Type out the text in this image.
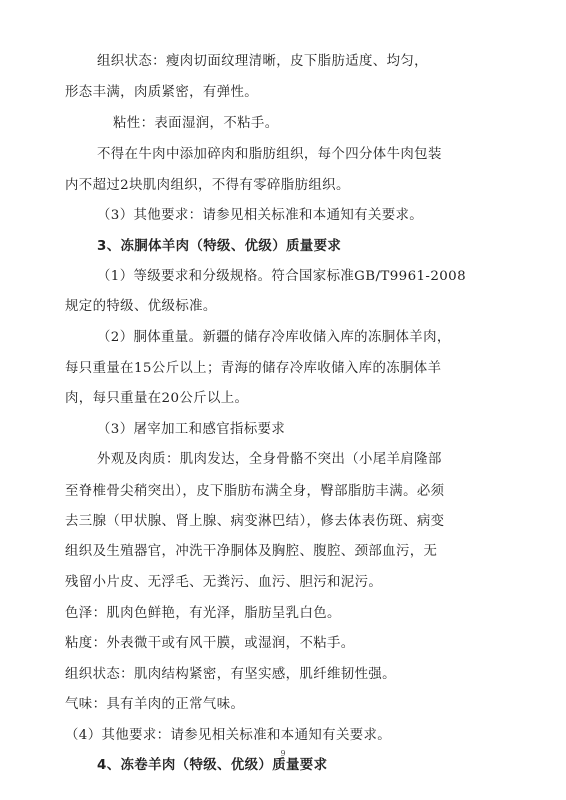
组织状态：瘦肉切面纹理清晰，皮下脂肪适度、均匀，
形态丰满，肉质紧密，有弹性。
粘性：表面湿润，不粘手。
不得在牛肉中添加碎肉和脂肪组织，每个四分体牛肉包装
内不超过2块肌肉组织，不得有零碎脂肪组织。
（3）其他要求：请参见相关标准和本通知有关要求。
3、冻胴体羊肉（特级、优级）质量要求
（1）等级要求和分级规格。符合国家标准GB/T9961-2008
规定的特级、优级标准。
（2）胴体重量。新疆的储存冷库收储入库的冻胴体羊肉，
每只重量在15公斤以上；青海的储存冷库收储入库的冻胴体羊
肉，每只重量在20公斤以上。
（3）屠宰加工和感官指标要求
外观及肉质：肌肉发达，全身骨骼不突出（小尾羊肩隆部
至脊椎骨尖稍突出），皮下脂肪布满全身，臀部脂肪丰满。必须
去三腺（甲状腺、肾上腺、病变淋巴结），修去体表伤斑、病变
组织及生殖器官，冲洗干净胴体及胸腔、腹腔、颈部血污，无
残留小片皮、无浮毛、无粪污、血污、胆污和泥污。
色泽：肌肉色鲜艳，有光泽，脂肪呈乳白色。
粘度：外表微干或有风干膜，或湿润，不粘手。
组织状态：肌肉结构紧密，有坚实感，肌纤维韧性强。
气味：具有羊肉的正常气味。
（4）其他要求：请参见相关标准和本通知有关要求。
4、冻卷羊肉（特级、优级）质量要求
9
